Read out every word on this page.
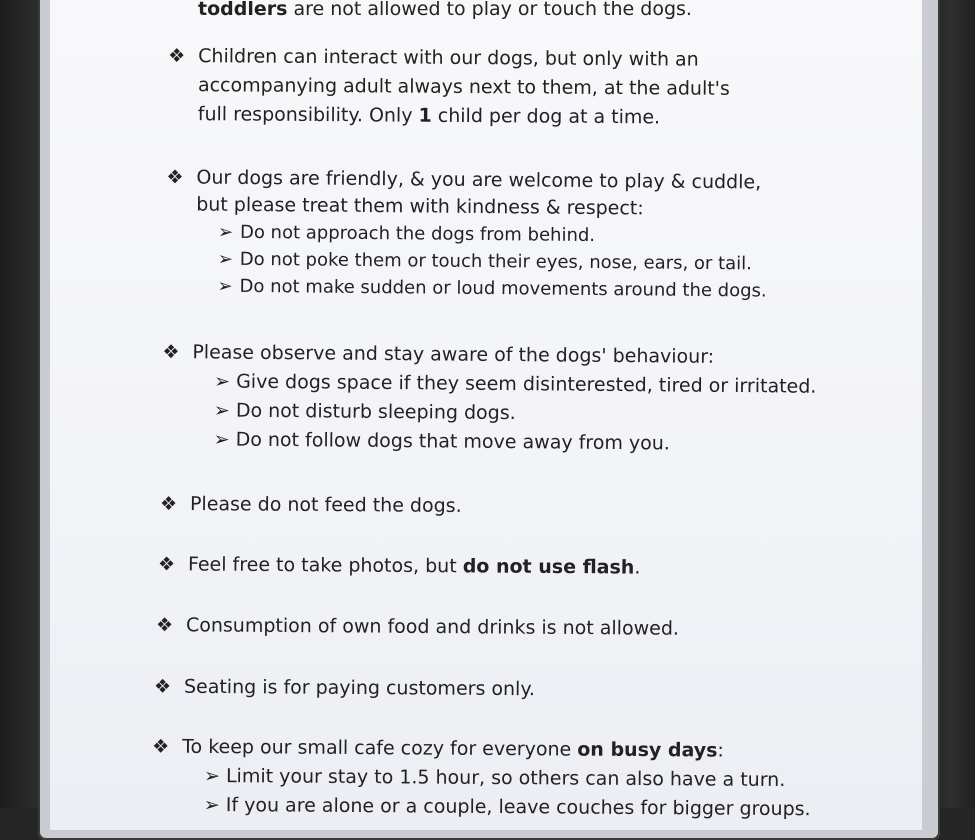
toddlers are not allowed to play or touch the dogs.
❖ Children can interact with our dogs, but only with an
accompanying adult always next to them, at the adult's
full responsibility. Only 1 child per dog at a time.
❖ Our dogs are friendly, & you are welcome to play & cuddle,
but please treat them with kindness & respect:
➢ Do not approach the dogs from behind.
➢ Do not poke them or touch their eyes, nose, ears, or tail.
➢ Do not make sudden or loud movements around the dogs.
❖ Please observe and stay aware of the dogs' behaviour:
➢ Give dogs space if they seem disinterested, tired or irritated.
➢ Do not disturb sleeping dogs.
➢ Do not follow dogs that move away from you.
❖ Please do not feed the dogs.
❖ Feel free to take photos, but do not use flash.
❖ Consumption of own food and drinks is not allowed.
❖ Seating is for paying customers only.
❖ To keep our small cafe cozy for everyone on busy days:
➢ Limit your stay to 1.5 hour, so others can also have a turn.
➢ If you are alone or a couple, leave couches for bigger groups.
